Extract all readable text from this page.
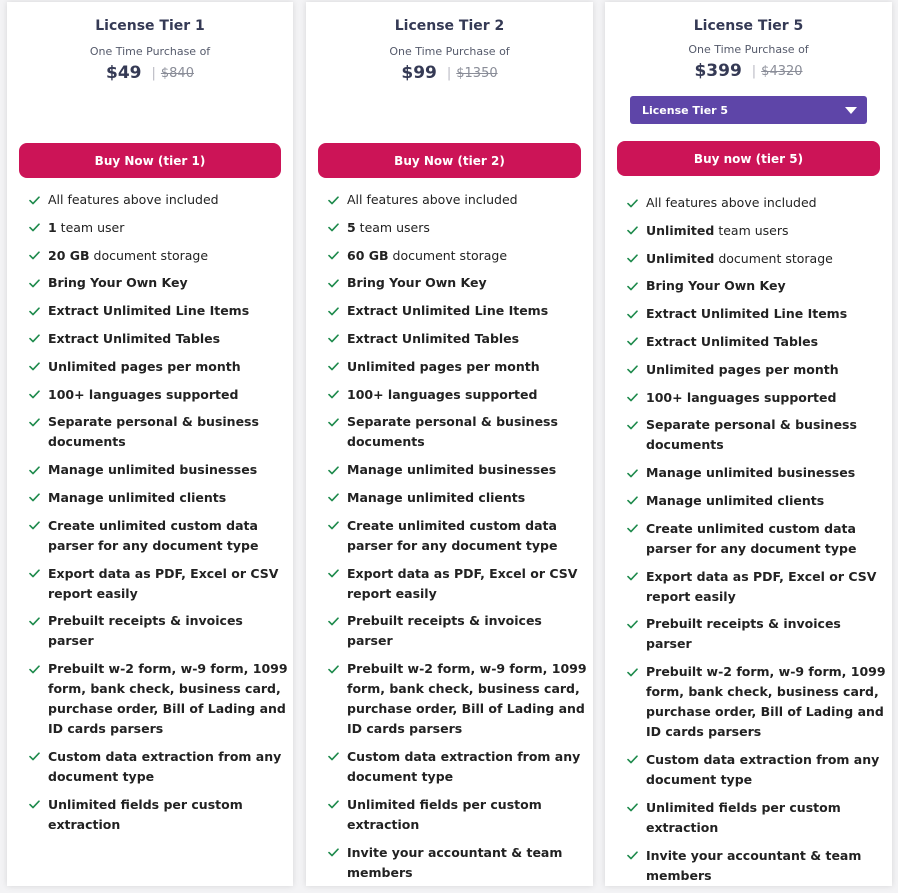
License Tier 1
One Time Purchase of
$49 | $840
Buy Now (tier 1)
All features above included
1 team user
20 GB document storage
Bring Your Own Key
Extract Unlimited Line Items
Extract Unlimited Tables
Unlimited pages per month
100+ languages supported
Separate personal & business documents
Manage unlimited businesses
Manage unlimited clients
Create unlimited custom data parser for any document type
Export data as PDF, Excel or CSV report easily
Prebuilt receipts & invoices parser
Prebuilt w-2 form, w-9 form, 1099 form, bank check, business card, purchase order, Bill of Lading and ID cards parsers
Custom data extraction from any document type
Unlimited fields per custom extraction
License Tier 2
One Time Purchase of
$99 | $1350
Buy Now (tier 2)
All features above included
5 team users
60 GB document storage
Bring Your Own Key
Extract Unlimited Line Items
Extract Unlimited Tables
Unlimited pages per month
100+ languages supported
Separate personal & business documents
Manage unlimited businesses
Manage unlimited clients
Create unlimited custom data parser for any document type
Export data as PDF, Excel or CSV report easily
Prebuilt receipts & invoices parser
Prebuilt w-2 form, w-9 form, 1099 form, bank check, business card, purchase order, Bill of Lading and ID cards parsers
Custom data extraction from any document type
Unlimited fields per custom extraction
Invite your accountant & team members
License Tier 5
One Time Purchase of
$399 | $4320
License Tier 5
Buy now (tier 5)
All features above included
Unlimited team users
Unlimited document storage
Bring Your Own Key
Extract Unlimited Line Items
Extract Unlimited Tables
Unlimited pages per month
100+ languages supported
Separate personal & business documents
Manage unlimited businesses
Manage unlimited clients
Create unlimited custom data parser for any document type
Export data as PDF, Excel or CSV report easily
Prebuilt receipts & invoices parser
Prebuilt w-2 form, w-9 form, 1099 form, bank check, business card, purchase order, Bill of Lading and ID cards parsers
Custom data extraction from any document type
Unlimited fields per custom extraction
Invite your accountant & team members
